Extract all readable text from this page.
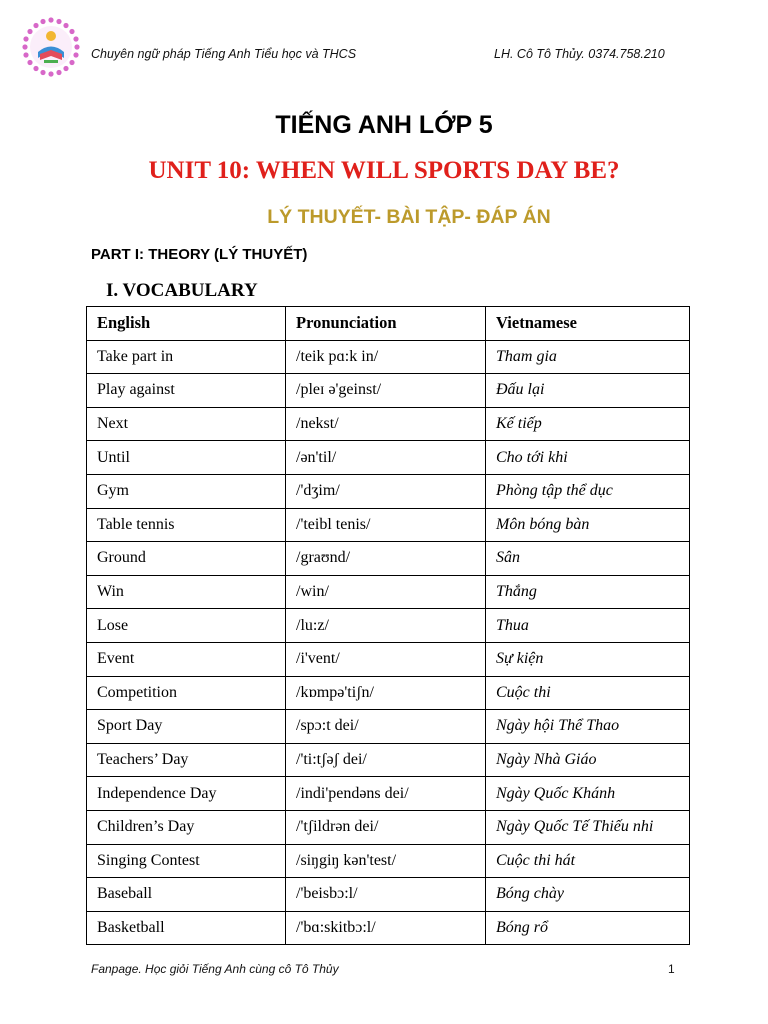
Chuyên ngữ pháp Tiếng Anh Tiểu học và THCS	LH. Cô Tô Thủy. 0374.758.210
TIẾNG ANH LỚP 5
UNIT 10: WHEN WILL SPORTS DAY BE?
LÝ THUYẾT- BÀI TẬP- ĐÁP ÁN
PART I: THEORY (LÝ THUYẾT)
I. VOCABULARY
English	Pronunciation	Vietnamese
Take part in	/teik pɑ:k in/	Tham gia
Play against	/pleɪ ə'geinst/	Đấu lại
Next	/nekst/	Kế tiếp
Until	/ən'til/	Cho tới khi
Gym	/'dʒim/	Phòng tập thể dục
Table tennis	/'teibl tenis/	Môn bóng bàn
Ground	/graʊnd/	Sân
Win	/win/	Thắng
Lose	/lu:z/	Thua
Event	/i'vent/	Sự kiện
Competition	/kɒmpə'tiʃn/	Cuộc thi
Sport Day	/spɔ:t dei/	Ngày hội Thể Thao
Teachers’ Day	/'ti:tʃəʃ dei/	Ngày Nhà Giáo
Independence Day	/indi'pendəns dei/	Ngày Quốc Khánh
Children’s Day	/'tʃildrən dei/	Ngày Quốc Tế Thiếu nhi
Singing Contest	/siŋgiŋ kən'test/	Cuộc thi hát
Baseball	/'beisbɔ:l/	Bóng chày
Basketball	/'bɑ:skitbɔ:l/	Bóng rổ
Fanpage. Học giỏi Tiếng Anh cùng cô Tô Thủy	1
